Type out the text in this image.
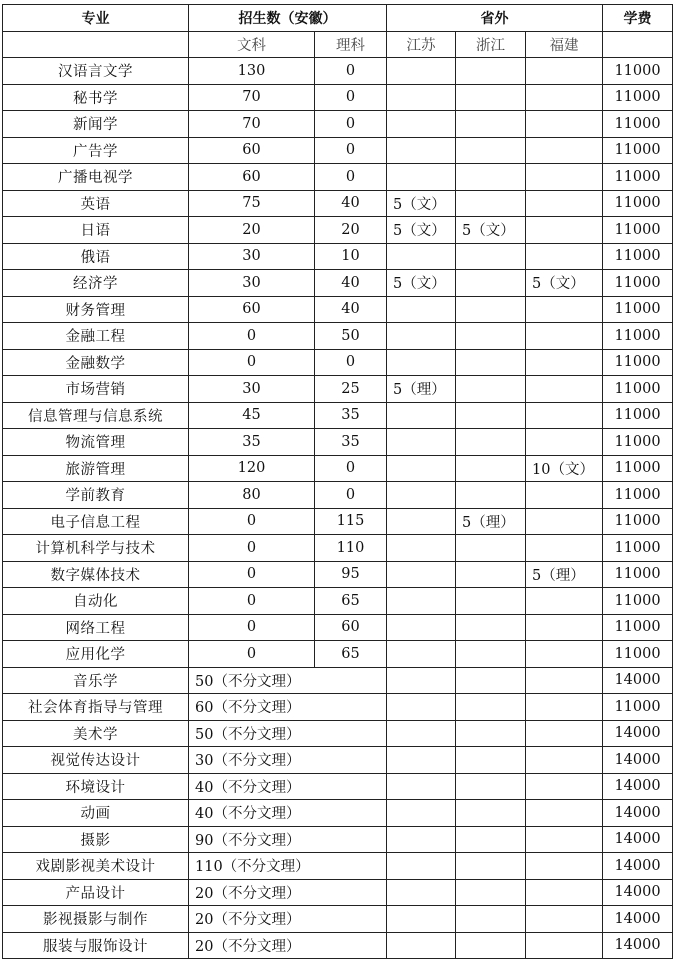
专业	招生数（安徽）		省外			学费
	文科	理科	江苏	浙江	福建	
汉语言文学	130	0				11000
秘书学	70	0				11000
新闻学	70	0				11000
广告学	60	0				11000
广播电视学	60	0				11000
英语	75	40	5（文）			11000
日语	20	20	5（文）	5（文）		11000
俄语	30	10				11000
经济学	30	40	5（文）		5（文）	11000
财务管理	60	40				11000
金融工程	0	50				11000
金融数学	0	0				11000
市场营销	30	25	5（理）			11000
信息管理与信息系统	45	35				11000
物流管理	35	35				11000
旅游管理	120	0			10（文）	11000
学前教育	80	0				11000
电子信息工程	0	115		5（理）		11000
计算机科学与技术	0	110				11000
数字媒体技术	0	95			5（理）	11000
自动化	0	65				11000
网络工程	0	60				11000
应用化学	0	65				11000
音乐学	50（不分文理）					14000
社会体育指导与管理	60（不分文理）					11000
美术学	50（不分文理）					14000
视觉传达设计	30（不分文理）					14000
环境设计	40（不分文理）					14000
动画	40（不分文理）					14000
摄影	90（不分文理）					14000
戏剧影视美术设计	110（不分文理）					14000
产品设计	20（不分文理）					14000
影视摄影与制作	20（不分文理）					14000
服装与服饰设计	20（不分文理）					14000
